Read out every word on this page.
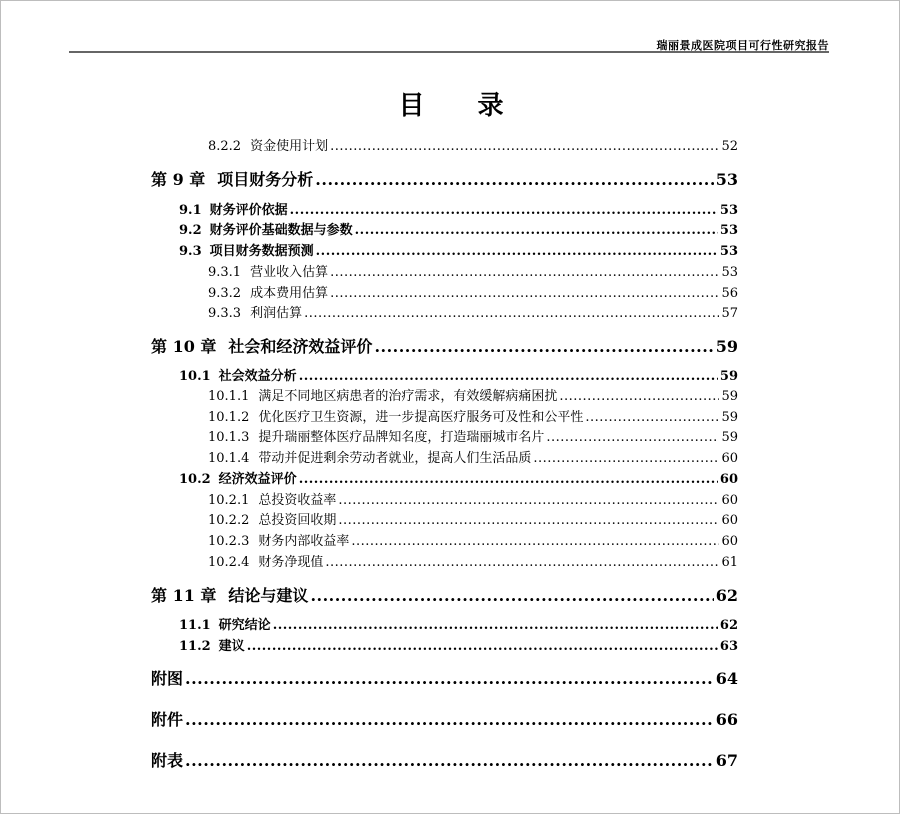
瑞丽景成医院项目可行性研究报告
目 录
8.2.2 资金使用计划 .....	52
第 9 章 项目财务分析 .....	53
9.1 财务评价依据 .....	53
9.2 财务评价基础数据与参数 .....	53
9.3 项目财务数据预测 .....	53
9.3.1 营业收入估算 .....	53
9.3.2 成本费用估算 .....	56
9.3.3 利润估算 .....	57
第 10 章 社会和经济效益评价 .....	59
10.1 社会效益分析 .....	59
10.1.1 满足不同地区病患者的治疗需求，有效缓解病痛困扰 .....	59
10.1.2 优化医疗卫生资源，进一步提高医疗服务可及性和公平性 .....	59
10.1.3 提升瑞丽整体医疗品牌知名度，打造瑞丽城市名片 .....	59
10.1.4 带动并促进剩余劳动者就业，提高人们生活品质 .....	60
10.2 经济效益评价 .....	60
10.2.1 总投资收益率 .....	60
10.2.2 总投资回收期 .....	60
10.2.3 财务内部收益率 .....	60
10.2.4 财务净现值 .....	61
第 11 章 结论与建议 .....	62
11.1 研究结论 .....	62
11.2 建议 .....	63
附图 .....	64
附件 .....	66
附表 .....	67
